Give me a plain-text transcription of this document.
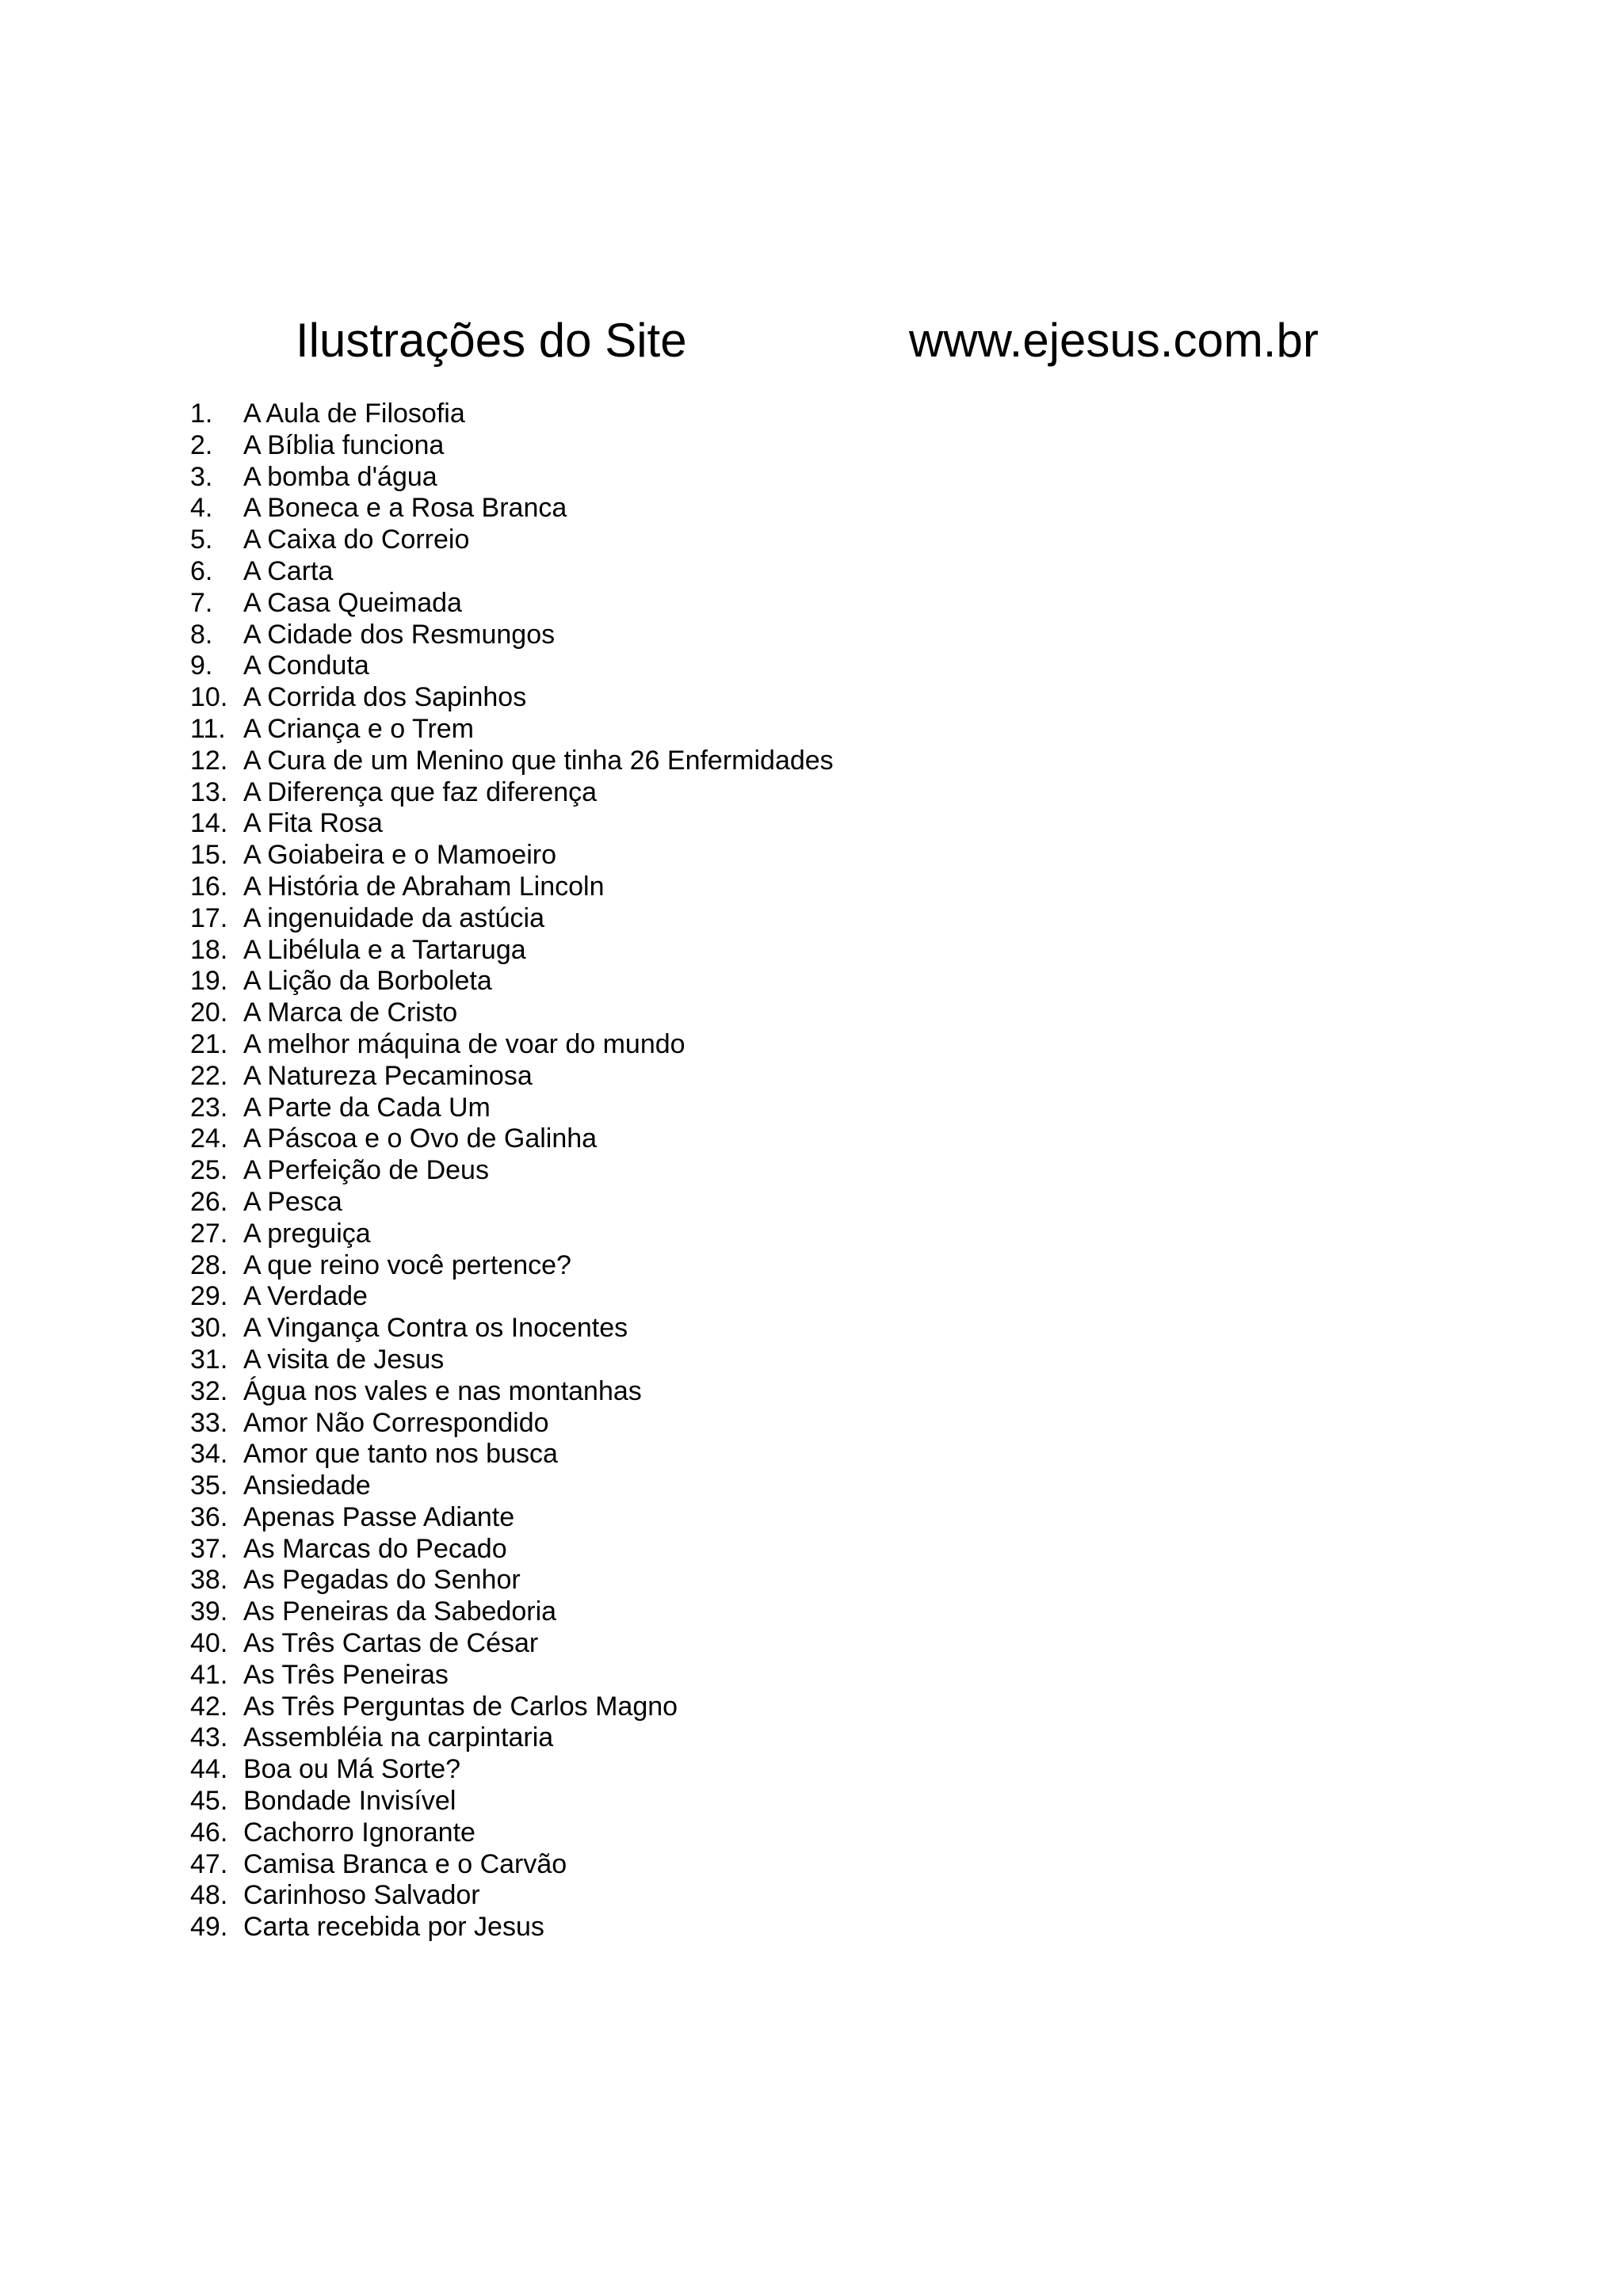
Ilustrações do Site	www.ejesus.com.br
1. A Aula de Filosofia
2. A Bíblia funciona
3. A bomba d'água
4. A Boneca e a Rosa Branca
5. A Caixa do Correio
6. A Carta
7. A Casa Queimada
8. A Cidade dos Resmungos
9. A Conduta
10. A Corrida dos Sapinhos
11. A Criança e o Trem
12. A Cura de um Menino que tinha 26 Enfermidades
13. A Diferença que faz diferença
14. A Fita Rosa
15. A Goiabeira e o Mamoeiro
16. A História de Abraham Lincoln
17. A ingenuidade da astúcia
18. A Libélula e a Tartaruga
19. A Lição da Borboleta
20. A Marca de Cristo
21. A melhor máquina de voar do mundo
22. A Natureza Pecaminosa
23. A Parte da Cada Um
24. A Páscoa e o Ovo de Galinha
25. A Perfeição de Deus
26. A Pesca
27. A preguiça
28. A que reino você pertence?
29. A Verdade
30. A Vingança Contra os Inocentes
31. A visita de Jesus
32. Água nos vales e nas montanhas
33. Amor Não Correspondido
34. Amor que tanto nos busca
35. Ansiedade
36. Apenas Passe Adiante
37. As Marcas do Pecado
38. As Pegadas do Senhor
39. As Peneiras da Sabedoria
40. As Três Cartas de César
41. As Três Peneiras
42. As Três Perguntas de Carlos Magno
43. Assembléia na carpintaria
44. Boa ou Má Sorte?
45. Bondade Invisível
46. Cachorro Ignorante
47. Camisa Branca e o Carvão
48. Carinhoso Salvador
49. Carta recebida por Jesus
